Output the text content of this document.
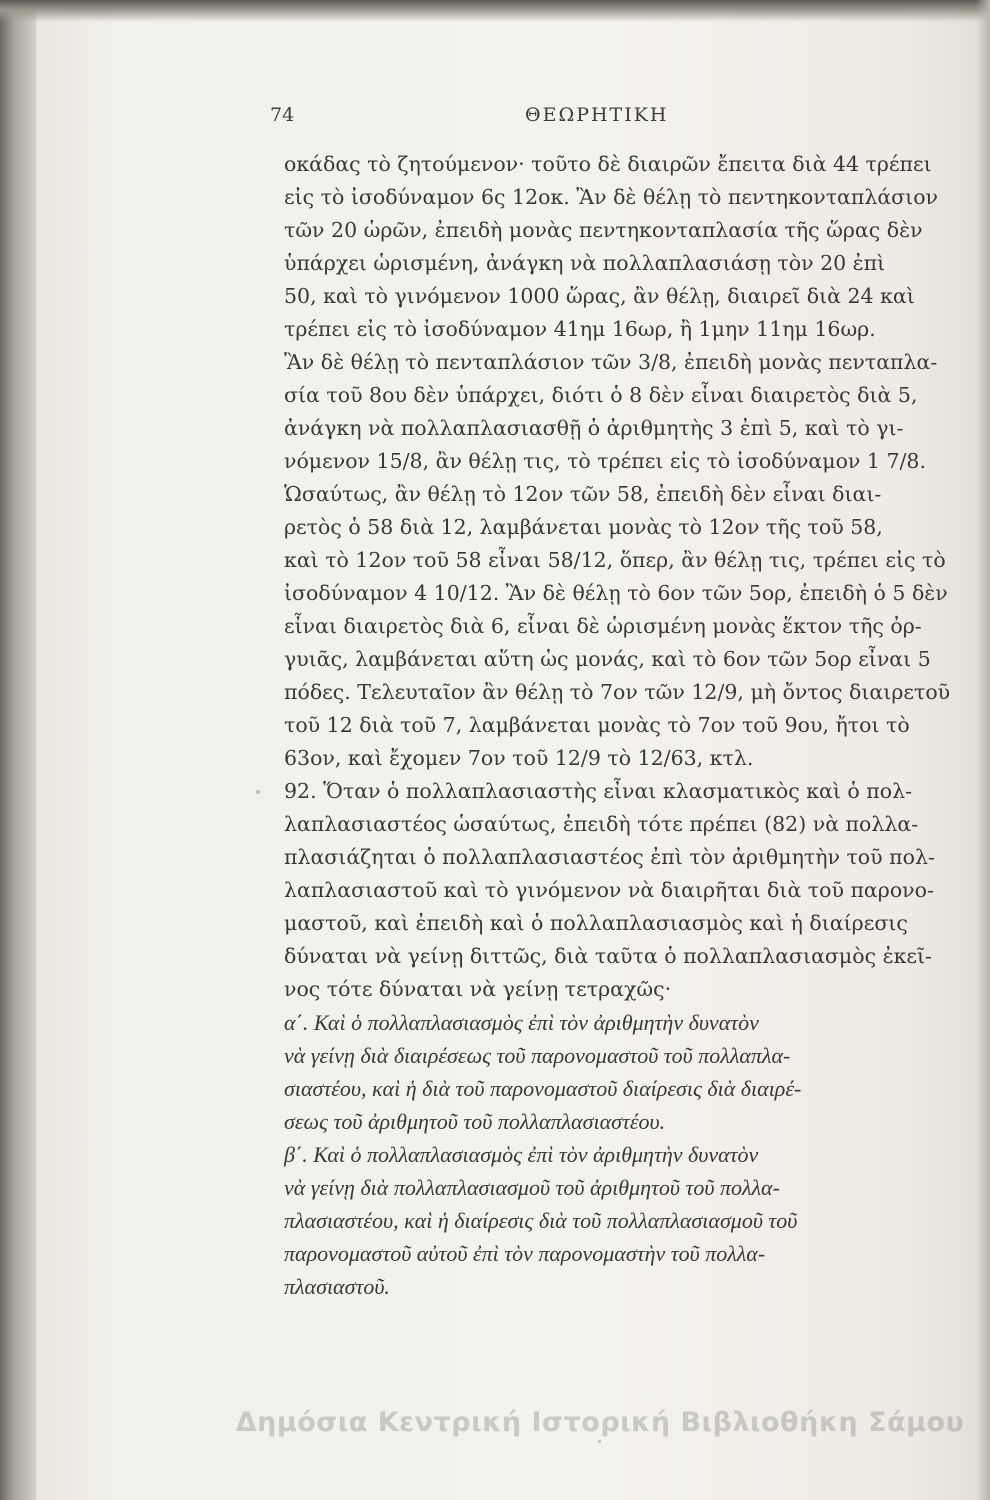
74	ΘΕΩΡΗΤΙΚΗ
οκάδας τὸ ζητούμενον· τοῦτο δὲ διαιρῶν ἔπειτα διὰ 44 τρέπει
εἰς τὸ ἰσοδύναμον 6ς 12οκ. Ἂν δὲ θέλῃ τὸ πεντηκονταπλάσιον
τῶν 20 ὡρῶν, ἐπειδὴ μονὰς πεντηκονταπλασία τῆς ὥρας δὲν
ὑπάρχει ὡρισμένη, ἀνάγκη νὰ πολλαπλασιάσῃ τὸν 20 ἐπὶ
50, καὶ τὸ γινόμενον 1000 ὥρας, ἂν θέλῃ, διαιρεῖ διὰ 24 καὶ
τρέπει εἰς τὸ ἰσοδύναμον 41ημ 16ωρ, ἢ 1μην 11ημ 16ωρ.
Ἂν δὲ θέλῃ τὸ πενταπλάσιον τῶν 3/8, ἐπειδὴ μονὰς πενταπλα-
σία τοῦ 8ου δὲν ὑπάρχει, διότι ὁ 8 δὲν εἶναι διαιρετὸς διὰ 5,
ἀνάγκη νὰ πολλαπλασιασθῇ ὁ ἀριθμητὴς 3 ἐπὶ 5, καὶ τὸ γι-
νόμενον 15/8, ἂν θέλῃ τις, τὸ τρέπει εἰς τὸ ἰσοδύναμον 1 7/8.
Ὡσαύτως, ἂν θέλῃ τὸ 12ον τῶν 58, ἐπειδὴ δὲν εἶναι διαι-
ρετὸς ὁ 58 διὰ 12, λαμβάνεται μονὰς τὸ 12ον τῆς τοῦ 58,
καὶ τὸ 12ον τοῦ 58 εἶναι 58/12, ὅπερ, ἂν θέλῃ τις, τρέπει εἰς τὸ
ἰσοδύναμον 4 10/12. Ἂν δὲ θέλῃ τὸ 6ον τῶν 5ορ, ἐπειδὴ ὁ 5 δὲν
εἶναι διαιρετὸς διὰ 6, εἶναι δὲ ὡρισμένη μονὰς ἕκτον τῆς ὀρ-
γυιᾶς, λαμβάνεται αὕτη ὡς μονάς, καὶ τὸ 6ον τῶν 5ορ εἶναι 5
πόδες. Τελευταῖον ἂν θέλῃ τὸ 7ον τῶν 12/9, μὴ ὄντος διαιρετοῦ
τοῦ 12 διὰ τοῦ 7, λαμβάνεται μονὰς τὸ 7ον τοῦ 9ου, ἤτοι τὸ
63ον, καὶ ἔχομεν 7ον τοῦ 12/9 τὸ 12/63, κτλ.
92. Ὅταν ὁ πολλαπλασιαστὴς εἶναι κλασματικὸς καὶ ὁ πολ-
λαπλασιαστέος ὡσαύτως, ἐπειδὴ τότε πρέπει (82) νὰ πολλα-
πλασιάζηται ὁ πολλαπλασιαστέος ἐπὶ τὸν ἀριθμητὴν τοῦ πολ-
λαπλασιαστοῦ καὶ τὸ γινόμενον νὰ διαιρῆται διὰ τοῦ παρονο-
μαστοῦ, καὶ ἐπειδὴ καὶ ὁ πολλαπλασιασμὸς καὶ ἡ διαίρεσις
δύναται νὰ γείνῃ διττῶς, διὰ ταῦτα ὁ πολλαπλασιασμὸς ἐκεῖ-
νος τότε δύναται νὰ γείνῃ τετραχῶς·
α΄. Καὶ ὁ πολλαπλασιασμὸς ἐπὶ τὸν ἀριθμητὴν δυνατὸν
νὰ γείνῃ διὰ διαιρέσεως τοῦ παρονομαστοῦ τοῦ πολλαπλα-
σιαστέου, καὶ ἡ διὰ τοῦ παρονομαστοῦ διαίρεσις διὰ διαιρέ-
σεως τοῦ ἀριθμητοῦ τοῦ πολλαπλασιαστέου.
β΄. Καὶ ὁ πολλαπλασιασμὸς ἐπὶ τὸν ἀριθμητὴν δυνατὸν
νὰ γείνῃ διὰ πολλαπλασιασμοῦ τοῦ ἀριθμητοῦ τοῦ πολλα-
πλασιαστέου, καὶ ἡ διαίρεσις διὰ τοῦ πολλαπλασιασμοῦ τοῦ
παρονομαστοῦ αὐτοῦ ἐπὶ τὸν παρονομαστὴν τοῦ πολλα-
πλασιαστοῦ.
Δημόσια Κεντρική Ιστορική Βιβλιοθήκη Σάμου
